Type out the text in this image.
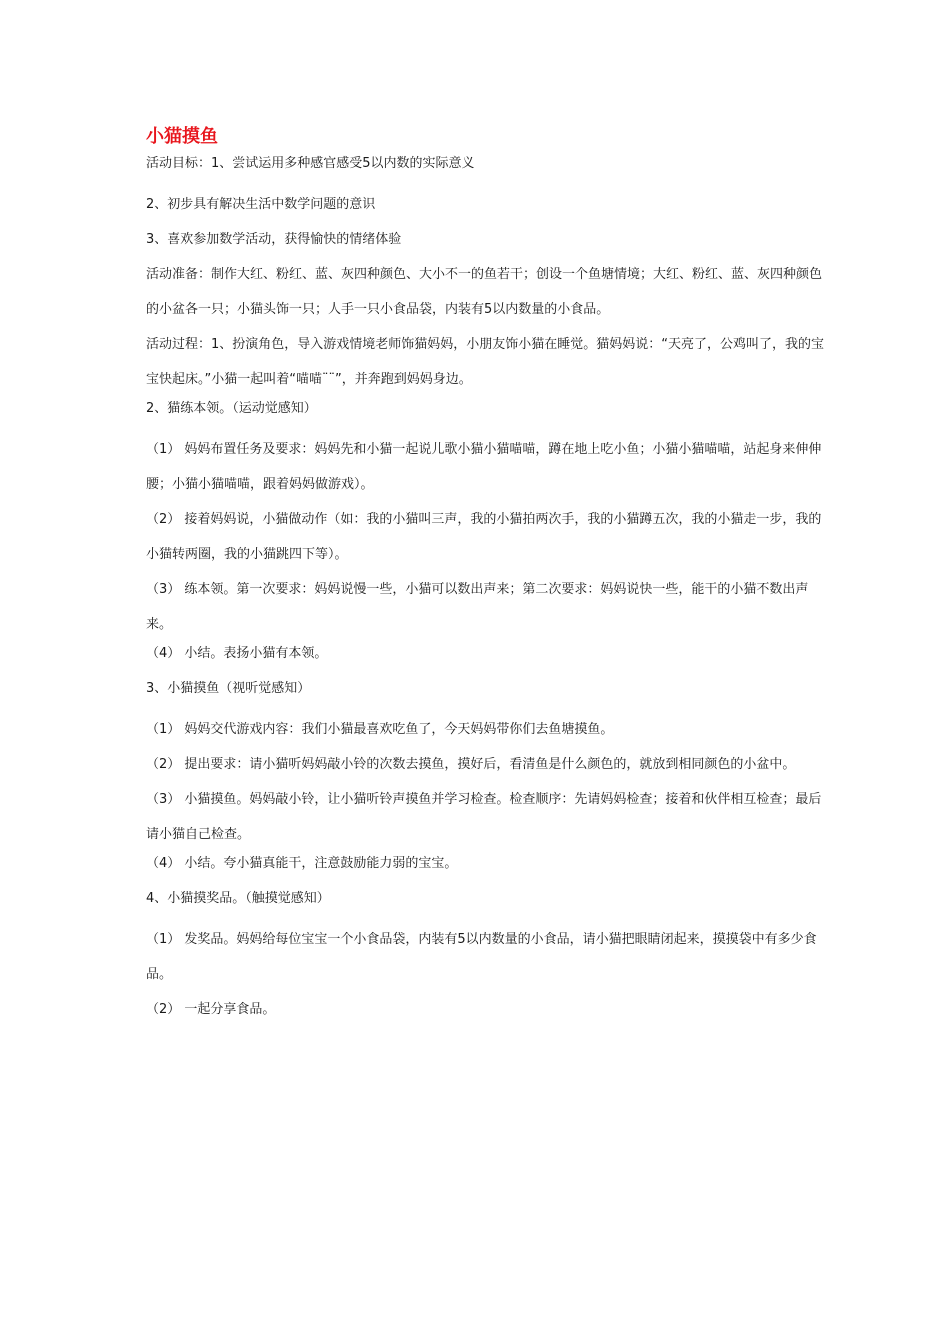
小猫摸鱼

活动目标：1、尝试运用多种感官感受5以内数的实际意义

2、初步具有解决生活中数学问题的意识

3、喜欢参加数学活动，获得愉快的情绪体验

活动准备：制作大红、粉红、蓝、灰四种颜色、大小不一的鱼若干；创设一个鱼塘情境；大红、粉红、蓝、灰四种颜色的小盆各一只；小猫头饰一只；人手一只小食品袋，内装有5以内数量的小食品。

活动过程：1、扮演角色，导入游戏情境老师饰猫妈妈，小朋友饰小猫在睡觉。猫妈妈说：“天亮了，公鸡叫了，我的宝宝快起床。”小猫一起叫着“喵喵¨¨”，并奔跑到妈妈身边。

2、猫练本领。（运动觉感知）

（1） 妈妈布置任务及要求：妈妈先和小猫一起说儿歌小猫小猫喵喵，蹲在地上吃小鱼；小猫小猫喵喵，站起身来伸伸腰；小猫小猫喵喵，跟着妈妈做游戏）。

（2） 接着妈妈说，小猫做动作（如：我的小猫叫三声，我的小猫拍两次手，我的小猫蹲五次，我的小猫走一步，我的小猫转两圈，我的小猫跳四下等）。

（3） 练本领。第一次要求：妈妈说慢一些，小猫可以数出声来；第二次要求：妈妈说快一些，能干的小猫不数出声来。

（4） 小结。表扬小猫有本领。

3、小猫摸鱼（视听觉感知）

（1） 妈妈交代游戏内容：我们小猫最喜欢吃鱼了，今天妈妈带你们去鱼塘摸鱼。

（2） 提出要求：请小猫听妈妈敲小铃的次数去摸鱼，摸好后，看清鱼是什么颜色的，就放到相同颜色的小盆中。

（3） 小猫摸鱼。妈妈敲小铃，让小猫听铃声摸鱼并学习检查。检查顺序：先请妈妈检查；接着和伙伴相互检查；最后请小猫自己检查。

（4） 小结。夸小猫真能干，注意鼓励能力弱的宝宝。

4、小猫摸奖品。（触摸觉感知）

（1） 发奖品。妈妈给每位宝宝一个小食品袋，内装有5以内数量的小食品，请小猫把眼睛闭起来，摸摸袋中有多少食品。

（2） 一起分享食品。
